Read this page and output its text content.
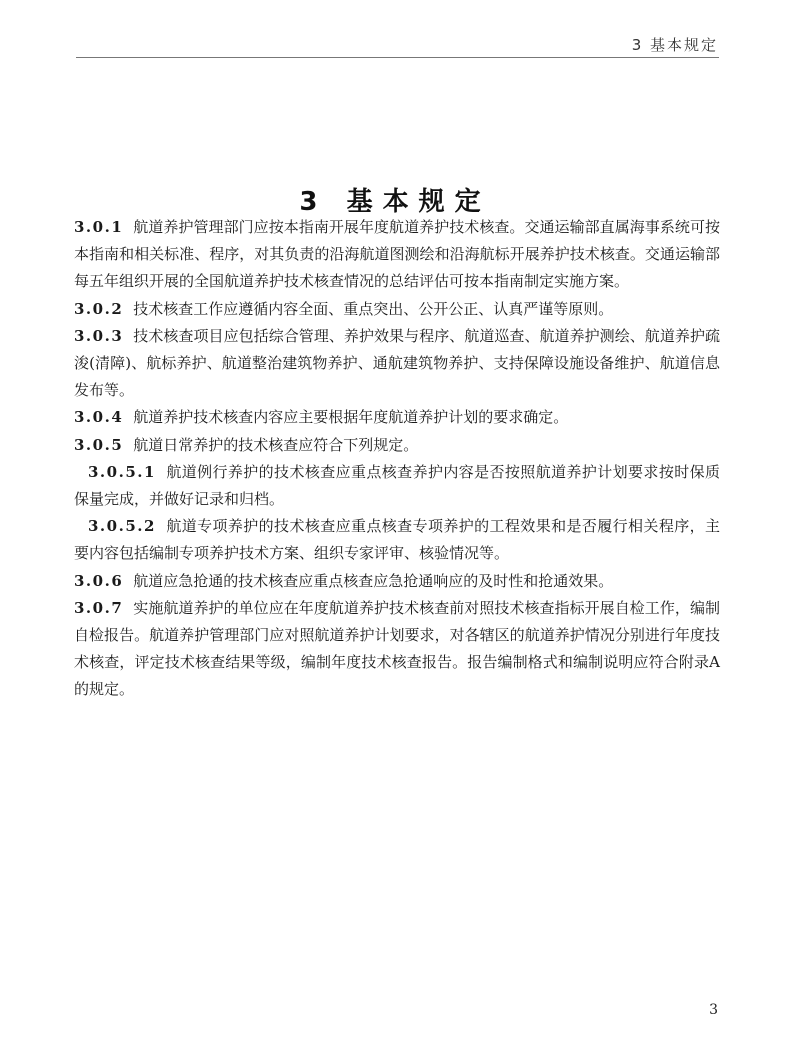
3 基本规定
3 基本规定

3.0.1 航道养护管理部门应按本指南开展年度航道养护技术核查。交通运输部直属海事系统可按本指南和相关标准、程序，对其负责的沿海航道图测绘和沿海航标开展养护技术核查。交通运输部每五年组织开展的全国航道养护技术核查情况的总结评估可按本指南制定实施方案。

3.0.2 技术核查工作应遵循内容全面、重点突出、公开公正、认真严谨等原则。

3.0.3 技术核查项目应包括综合管理、养护效果与程序、航道巡查、航道养护测绘、航道养护疏浚(清障)、航标养护、航道整治建筑物养护、通航建筑物养护、支持保障设施设备维护、航道信息发布等。

3.0.4 航道养护技术核查内容应主要根据年度航道养护计划的要求确定。

3.0.5 航道日常养护的技术核查应符合下列规定。

3.0.5.1 航道例行养护的技术核查应重点核查养护内容是否按照航道养护计划要求按时保质保量完成，并做好记录和归档。

3.0.5.2 航道专项养护的技术核查应重点核查专项养护的工程效果和是否履行相关程序，主要内容包括编制专项养护技术方案、组织专家评审、核验情况等。

3.0.6 航道应急抢通的技术核查应重点核查应急抢通响应的及时性和抢通效果。

3.0.7 实施航道养护的单位应在年度航道养护技术核查前对照技术核查指标开展自检工作，编制自检报告。航道养护管理部门应对照航道养护计划要求，对各辖区的航道养护情况分别进行年度技术核查，评定技术核查结果等级，编制年度技术核查报告。报告编制格式和编制说明应符合附录A的规定。

3
